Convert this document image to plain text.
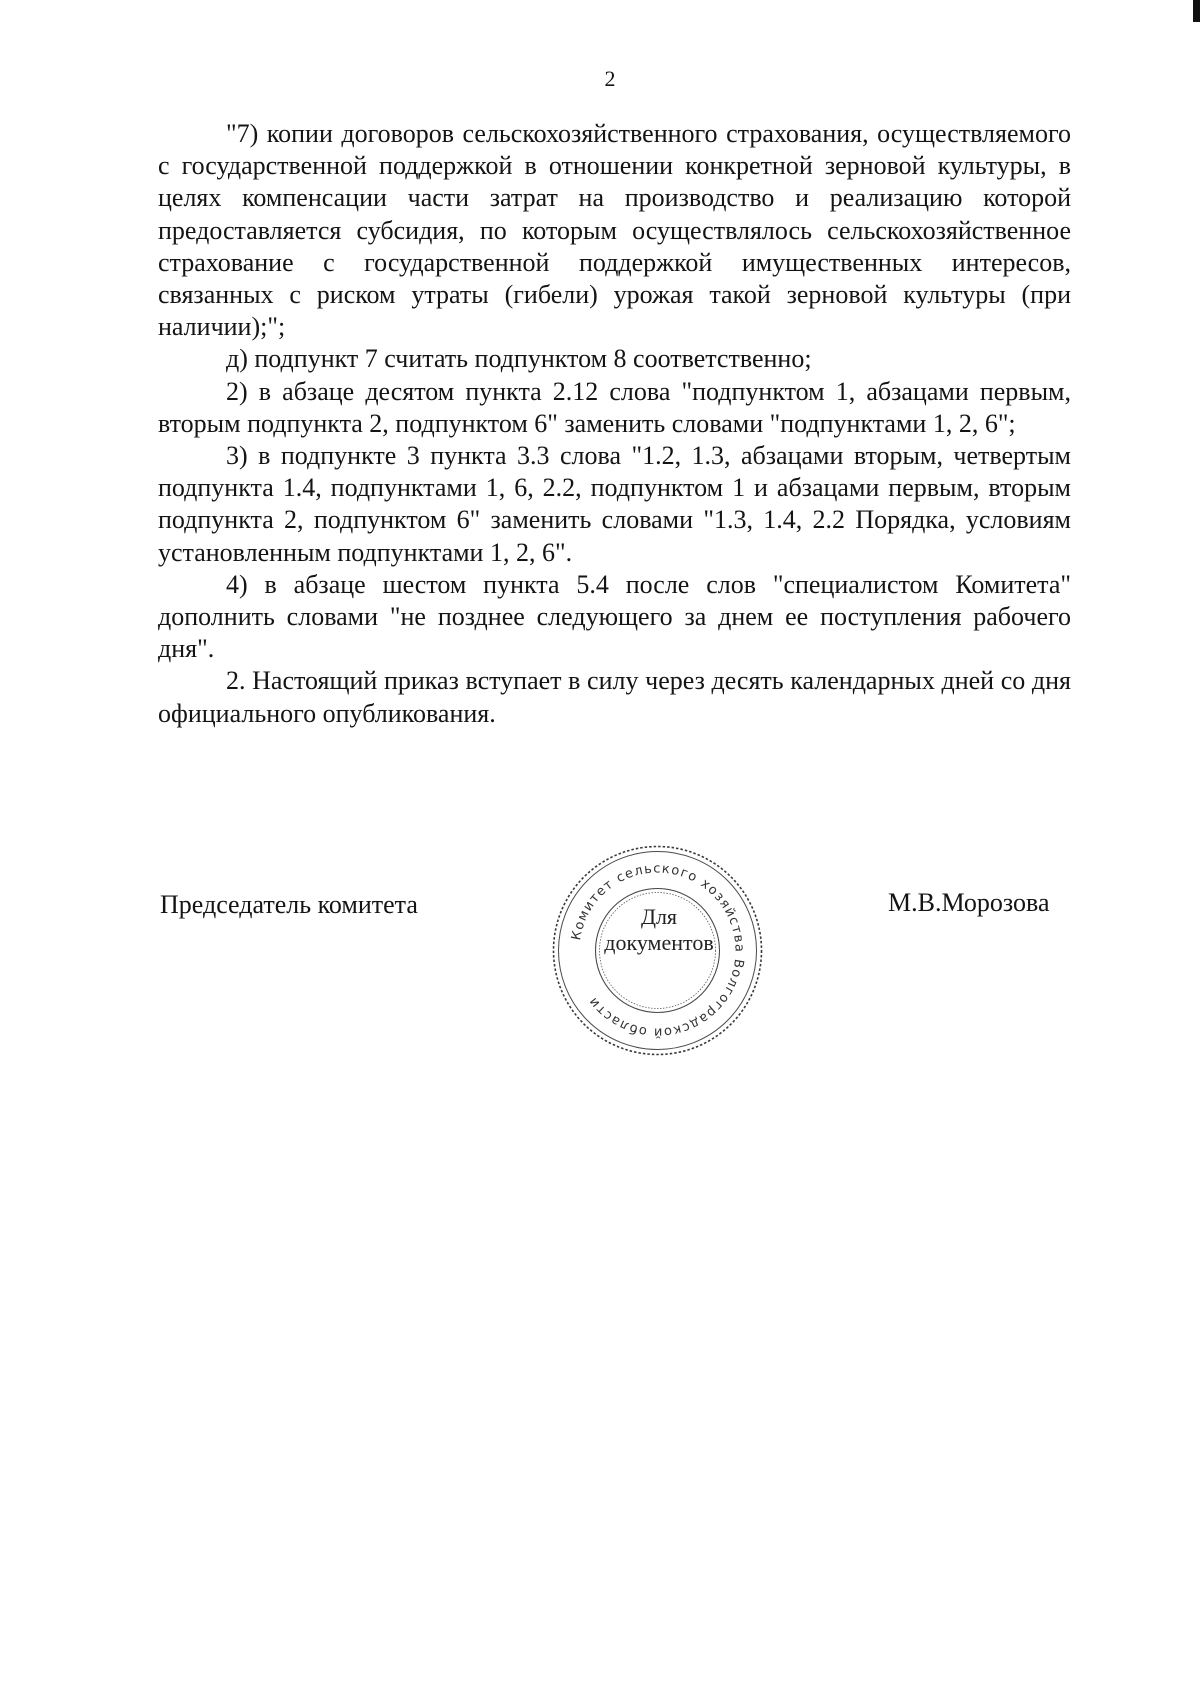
2

"7) копии договоров сельскохозяйственного страхования, осуществляемого с государственной поддержкой в отношении конкретной зерновой культуры, в целях компенсации части затрат на производство и реализацию которой предоставляется субсидия, по которым осуществлялось сельскохозяйственное страхование с государственной поддержкой имущественных интересов, связанных с риском утраты (гибели) урожая такой зерновой культуры (при наличии);";

д) подпункт 7 считать подпунктом 8 соответственно;

2) в абзаце десятом пункта 2.12 слова "подпунктом 1, абзацами первым, вторым подпункта 2, подпунктом 6" заменить словами "подпунктами 1, 2, 6";

3) в подпункте 3 пункта 3.3 слова "1.2, 1.3, абзацами вторым, четвертым подпункта 1.4, подпунктами 1, 6, 2.2, подпунктом 1 и абзацами первым, вторым подпункта 2, подпунктом 6" заменить словами "1.3, 1.4, 2.2 Порядка, условиям установленным подпунктами 1, 2, 6".

4) в абзаце шестом пункта 5.4 после слов "специалистом Комитета" дополнить словами "не позднее следующего за днем ее поступления рабочего дня".

2. Настоящий приказ вступает в силу через десять календарных дней со дня официального опубликования.

Председатель комитета
Комитет сельского хозяйства Волгоградской области
Для
документов
М.В.Морозова
